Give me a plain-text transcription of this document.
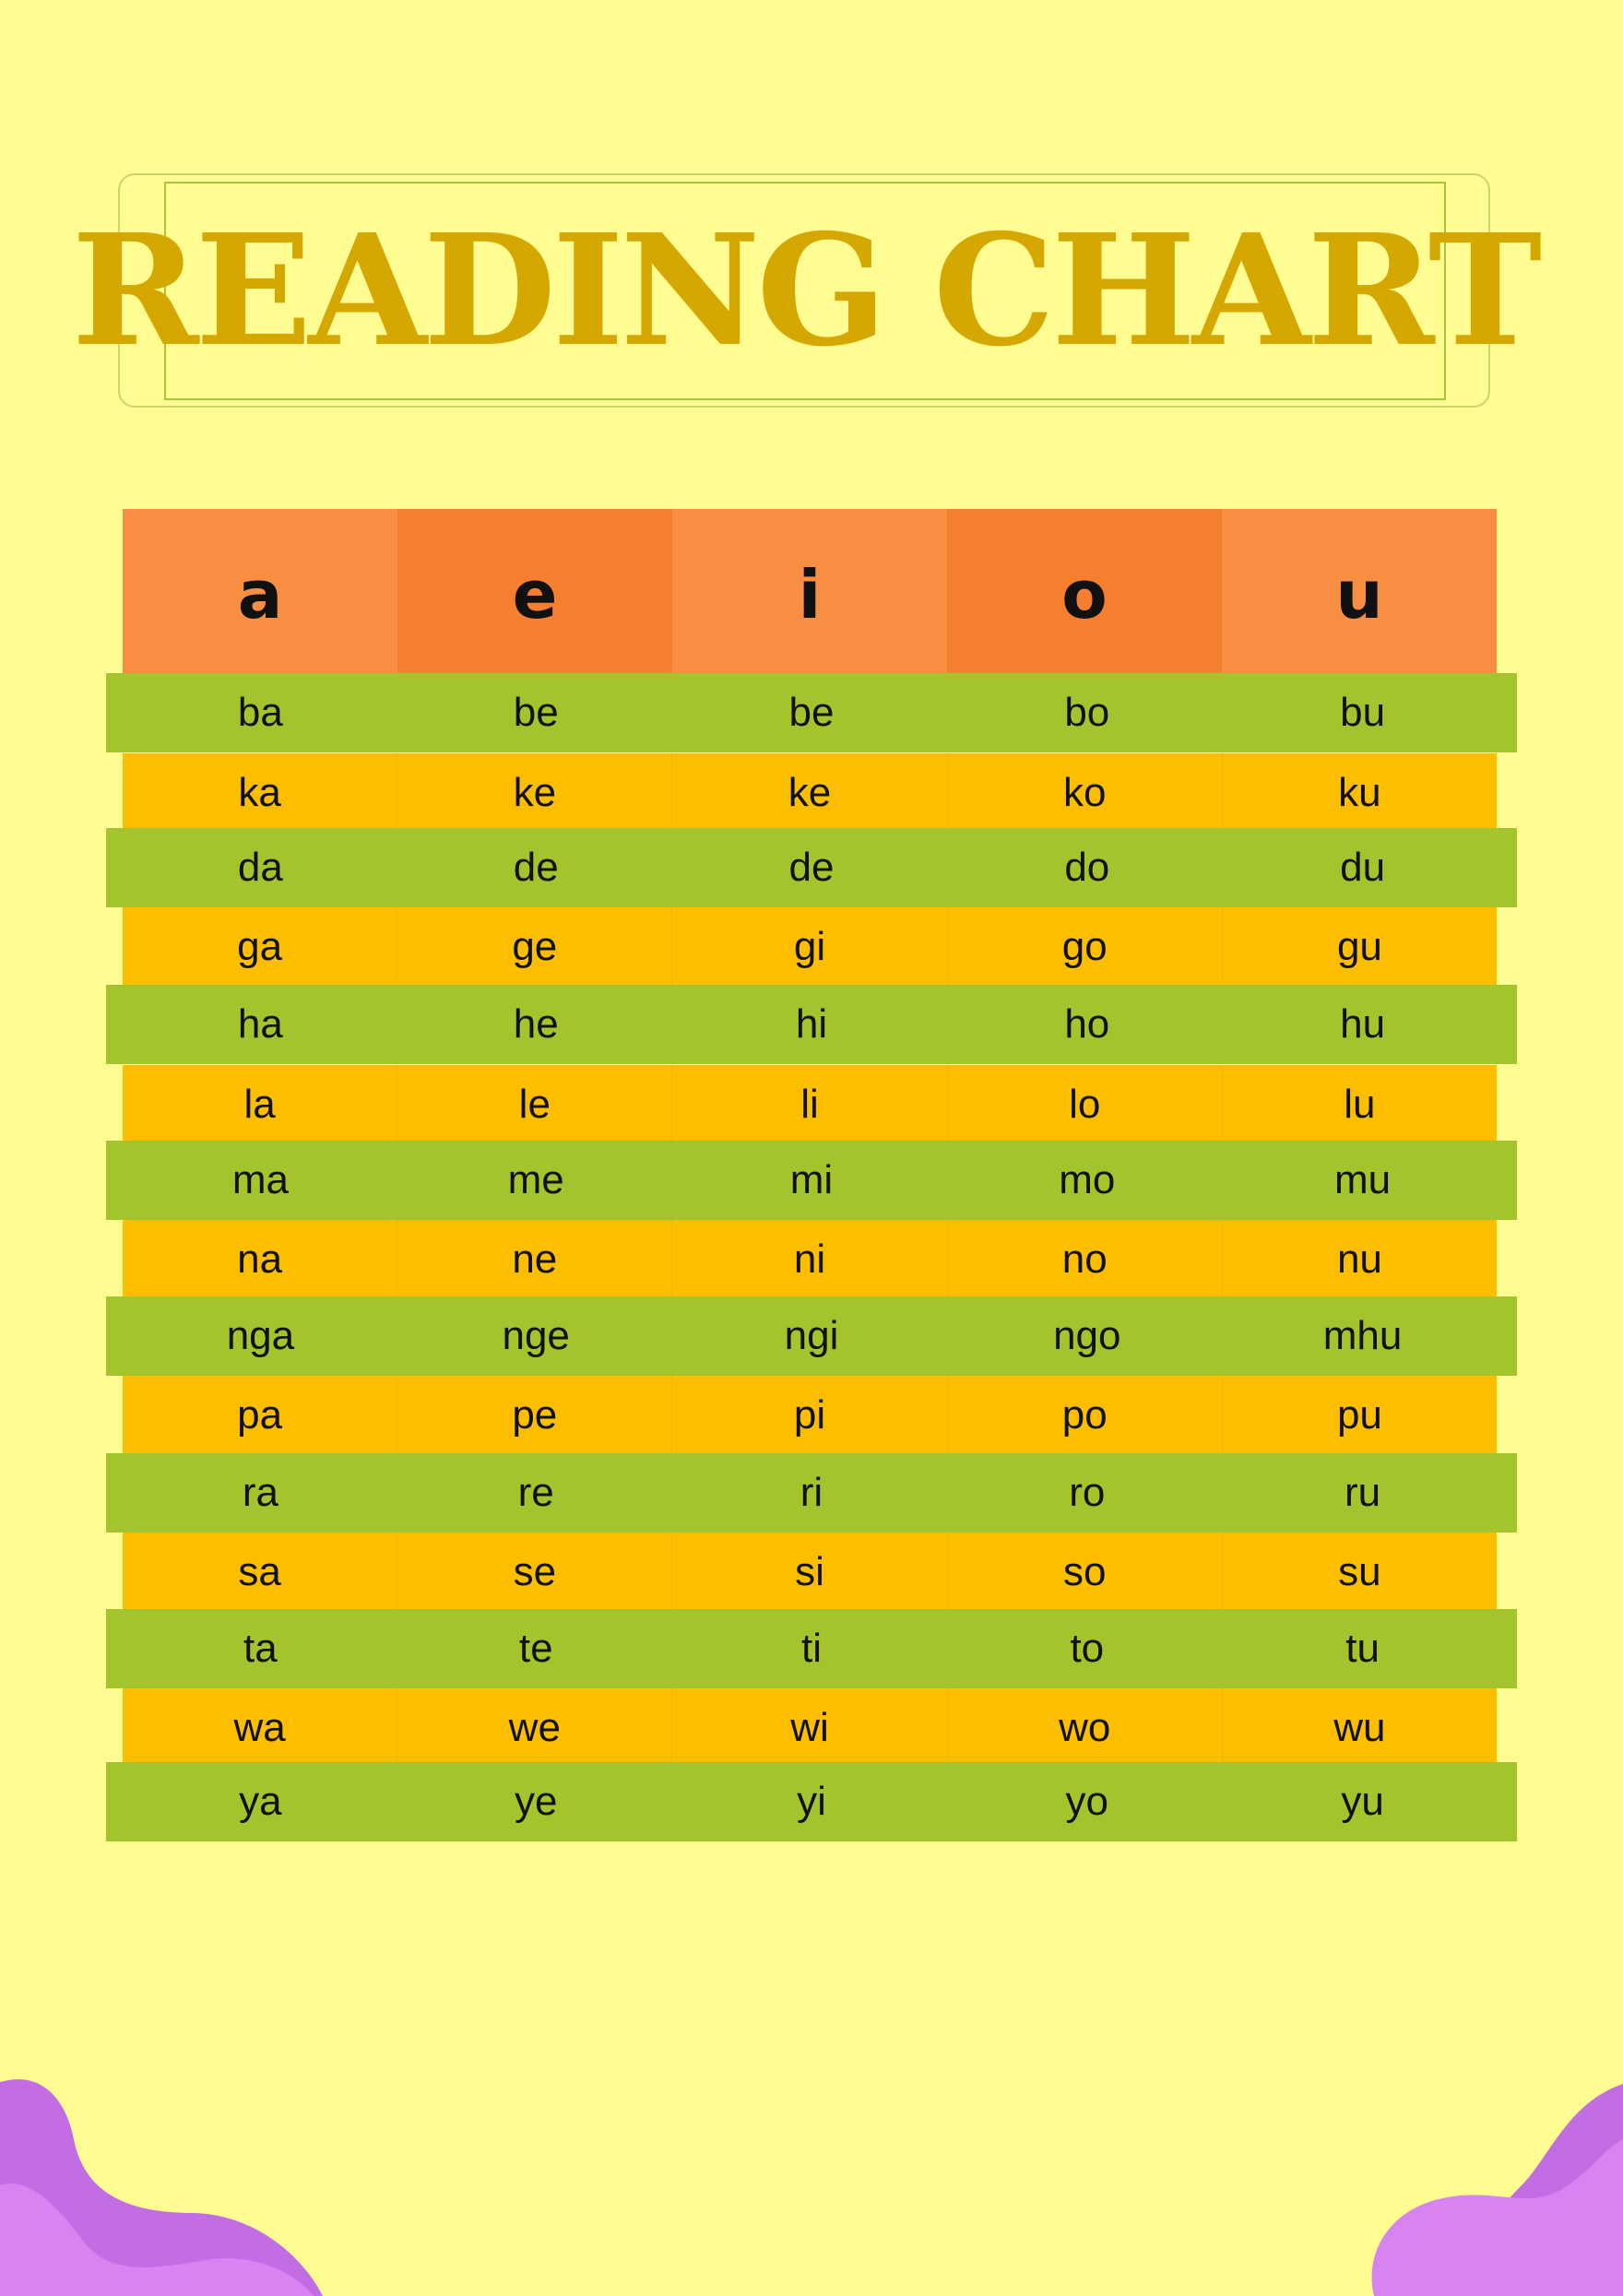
READING CHART
a	e	i	o	u
ba	be	be	bo	bu
ka	ke	ke	ko	ku
da	de	de	do	du
ga	ge	gi	go	gu
ha	he	hi	ho	hu
la	le	li	lo	lu
ma	me	mi	mo	mu
na	ne	ni	no	nu
nga	nge	ngi	ngo	mhu
pa	pe	pi	po	pu
ra	re	ri	ro	ru
sa	se	si	so	su
ta	te	ti	to	tu
wa	we	wi	wo	wu
ya	ye	yi	yo	yu
